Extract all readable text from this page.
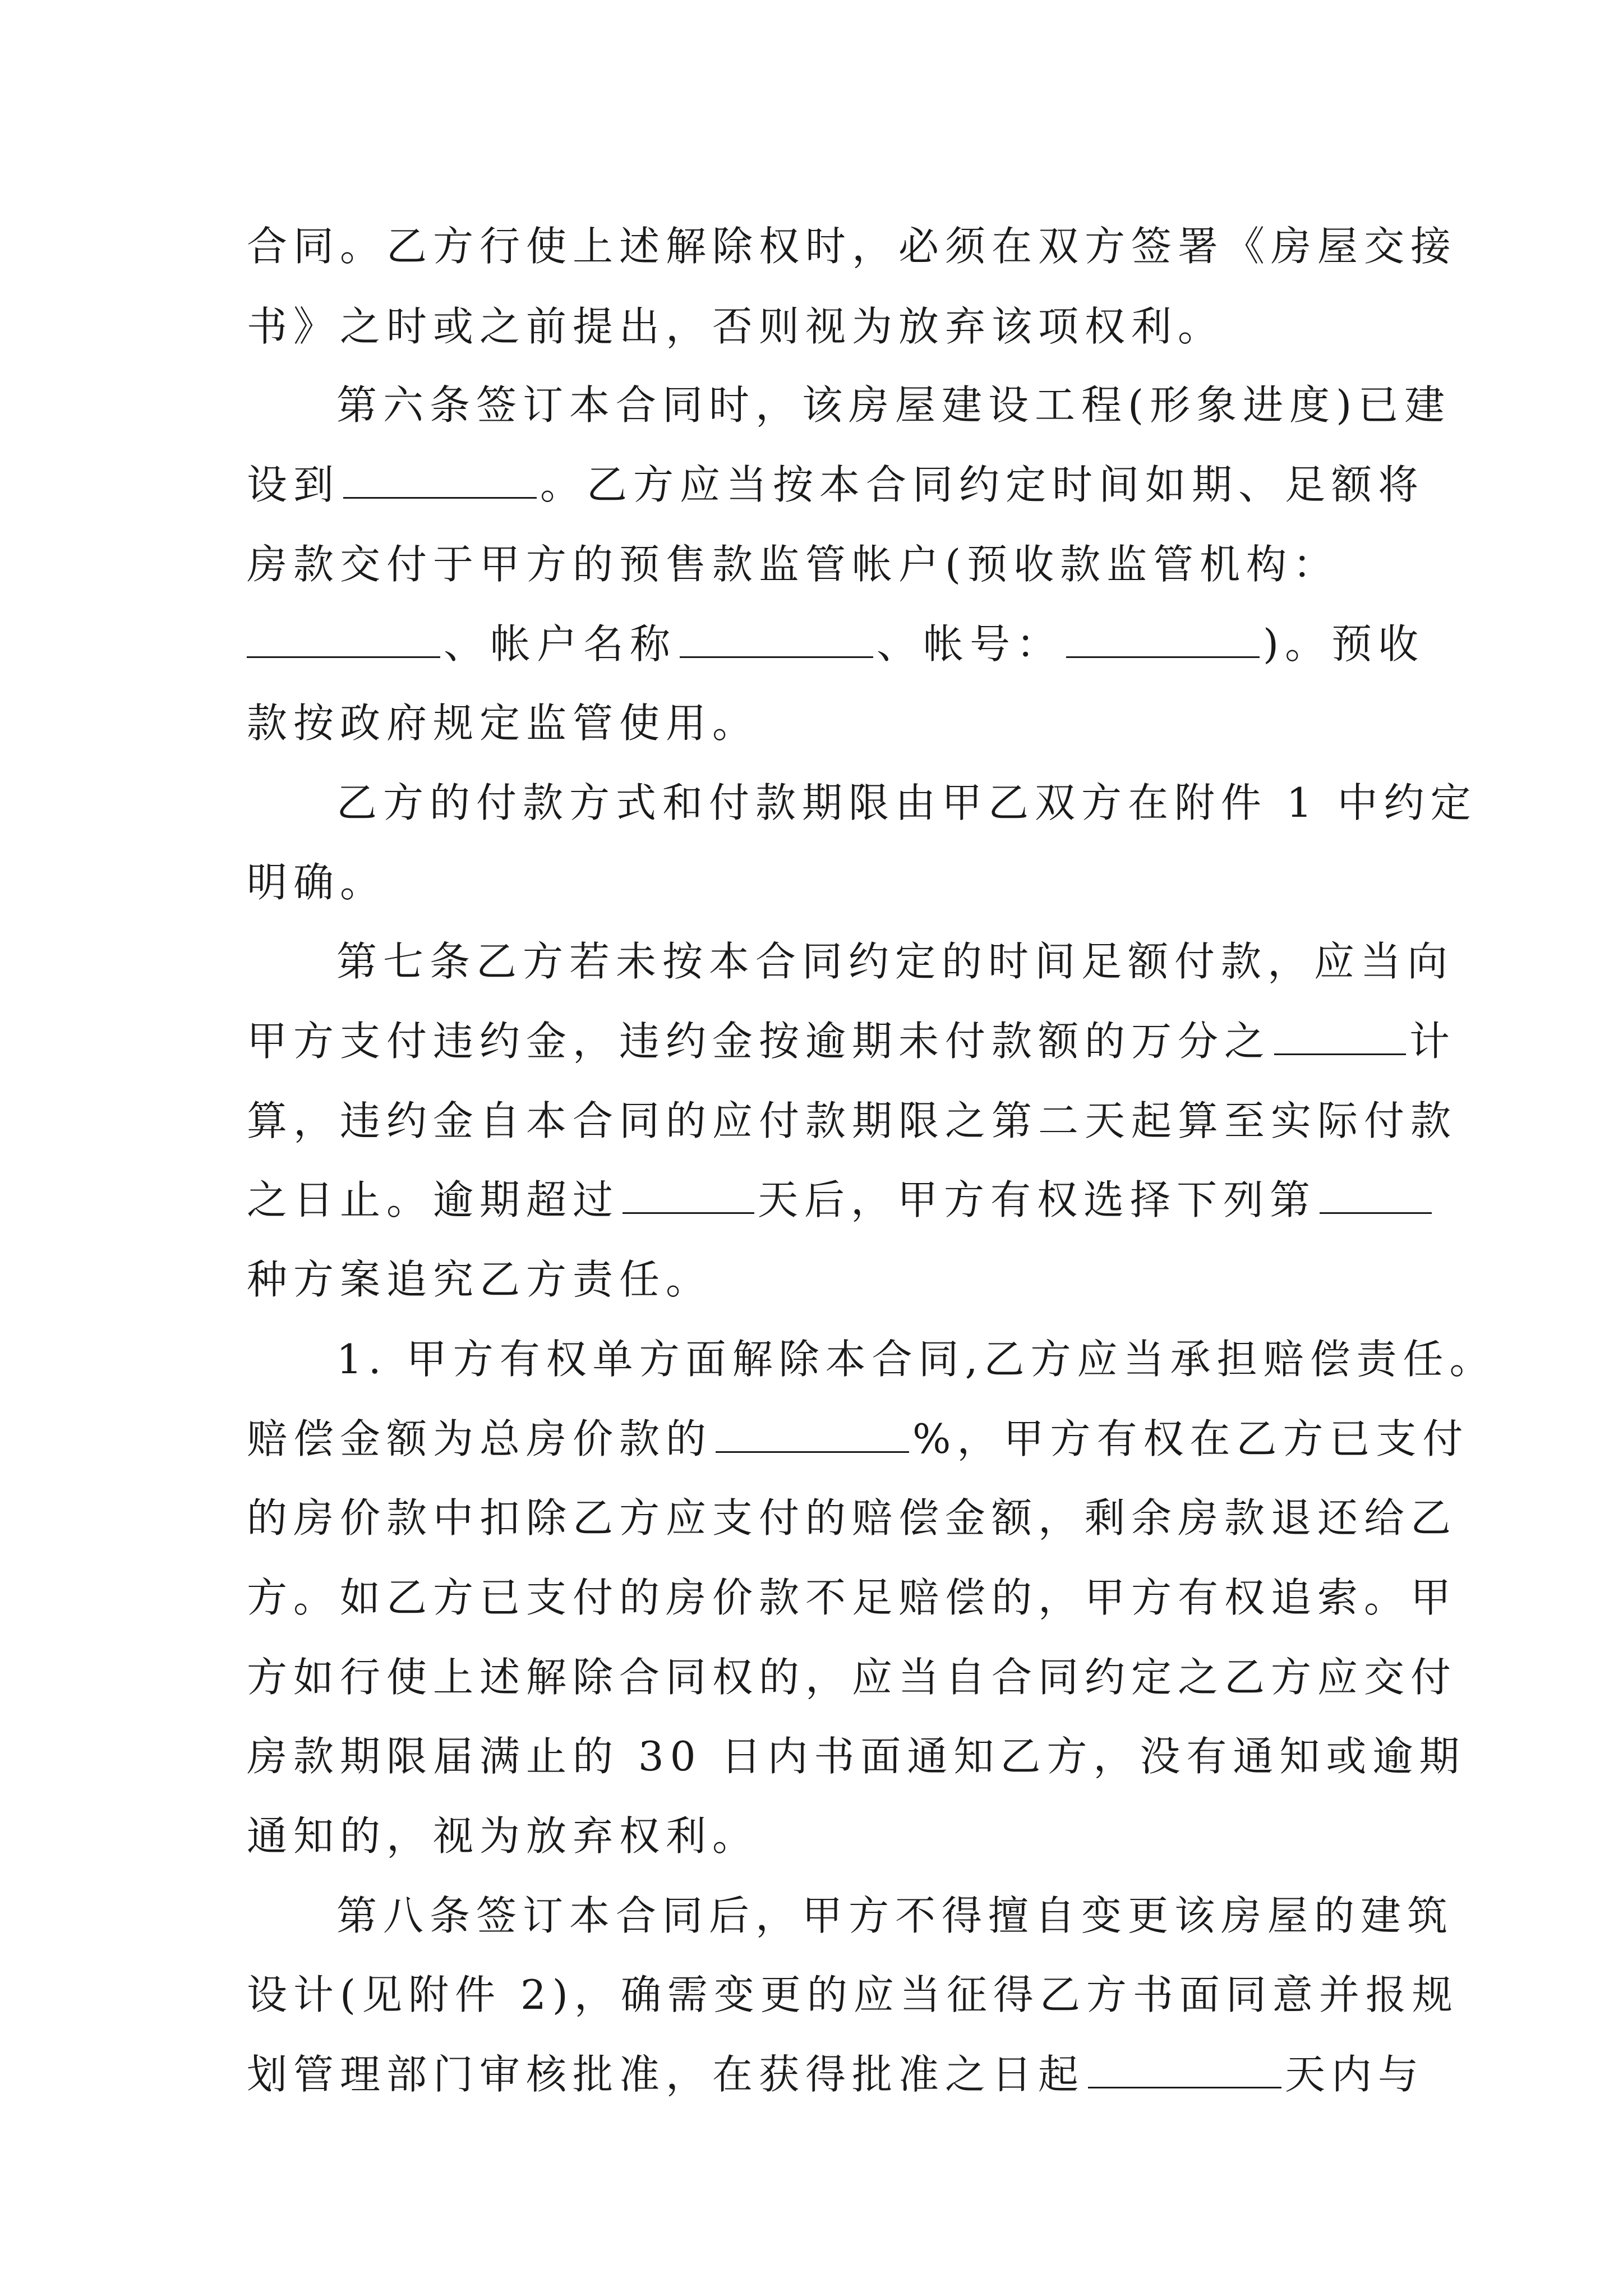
合同。乙方行使上述解除权时，必须在双方签署《房屋交接
书》之时或之前提出，否则视为放弃该项权利。
第六条签订本合同时，该房屋建设工程(形象进度)已建
设到	。乙方应当按本合同约定时间如期、足额将
房款交付于甲方的预售款监管帐户(预收款监管机构：
、帐户名称	、帐号：	)。预收
款按政府规定监管使用。
乙方的付款方式和付款期限由甲乙双方在附件 1 中约定
明确。
第七条乙方若未按本合同约定的时间足额付款，应当向
甲方支付违约金，违约金按逾期未付款额的万分之	计
算，违约金自本合同的应付款期限之第二天起算至实际付款
之日止。逾期超过	天后，甲方有权选择下列第
种方案追究乙方责任。
1. 甲方有权单方面解除本合同,乙方应当承担赔偿责任。
赔偿金额为总房价款的	%，甲方有权在乙方已支付
的房价款中扣除乙方应支付的赔偿金额，剩余房款退还给乙
方。如乙方已支付的房价款不足赔偿的，甲方有权追索。甲
方如行使上述解除合同权的，应当自合同约定之乙方应交付
房款期限届满止的 30 日内书面通知乙方，没有通知或逾期
通知的，视为放弃权利。
第八条签订本合同后，甲方不得擅自变更该房屋的建筑
设计(见附件 2)，确需变更的应当征得乙方书面同意并报规
划管理部门审核批准，在获得批准之日起	天内与
